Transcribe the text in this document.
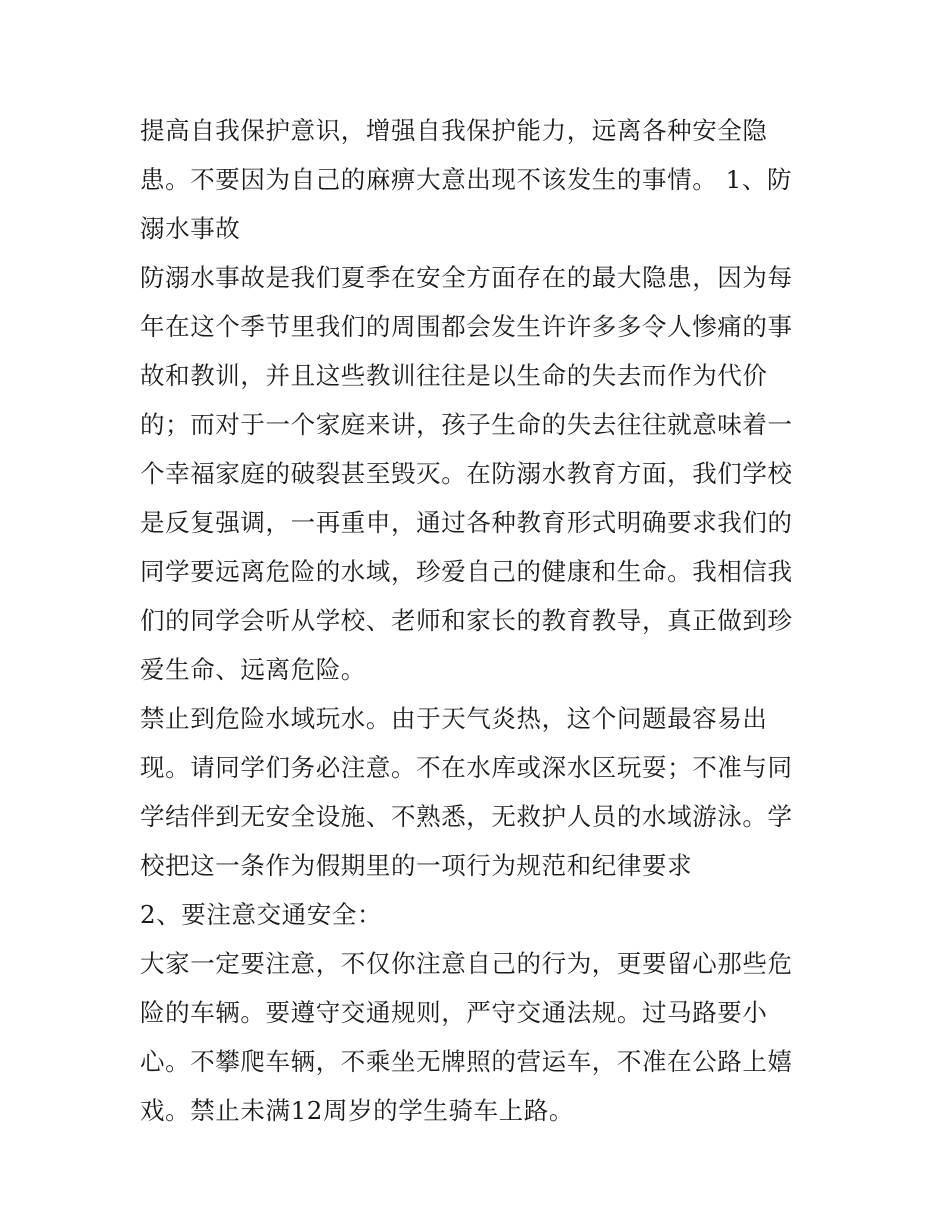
提高自我保护意识，增强自我保护能力，远离各种安全隐患。不要因为自己的麻痹大意出现不该发生的事情。 1、防溺水事故

防溺水事故是我们夏季在安全方面存在的最大隐患，因为每年在这个季节里我们的周围都会发生许许多多令人惨痛的事故和教训，并且这些教训往往是以生命的失去而作为代价的；而对于一个家庭来讲，孩子生命的失去往往就意味着一个幸福家庭的破裂甚至毁灭。在防溺水教育方面，我们学校是反复强调，一再重申，通过各种教育形式明确要求我们的同学要远离危险的水域，珍爱自己的健康和生命。我相信我们的同学会听从学校、老师和家长的教育教导，真正做到珍爱生命、远离危险。

禁止到危险水域玩水。由于天气炎热，这个问题最容易出现。请同学们务必注意。不在水库或深水区玩耍；不准与同学结伴到无安全设施、不熟悉，无救护人员的水域游泳。学校把这一条作为假期里的一项行为规范和纪律要求

2、要注意交通安全：

大家一定要注意，不仅你注意自己的行为，更要留心那些危险的车辆。要遵守交通规则，严守交通法规。过马路要小心。不攀爬车辆，不乘坐无牌照的营运车，不准在公路上嬉戏。禁止未满12周岁的学生骑车上路。
